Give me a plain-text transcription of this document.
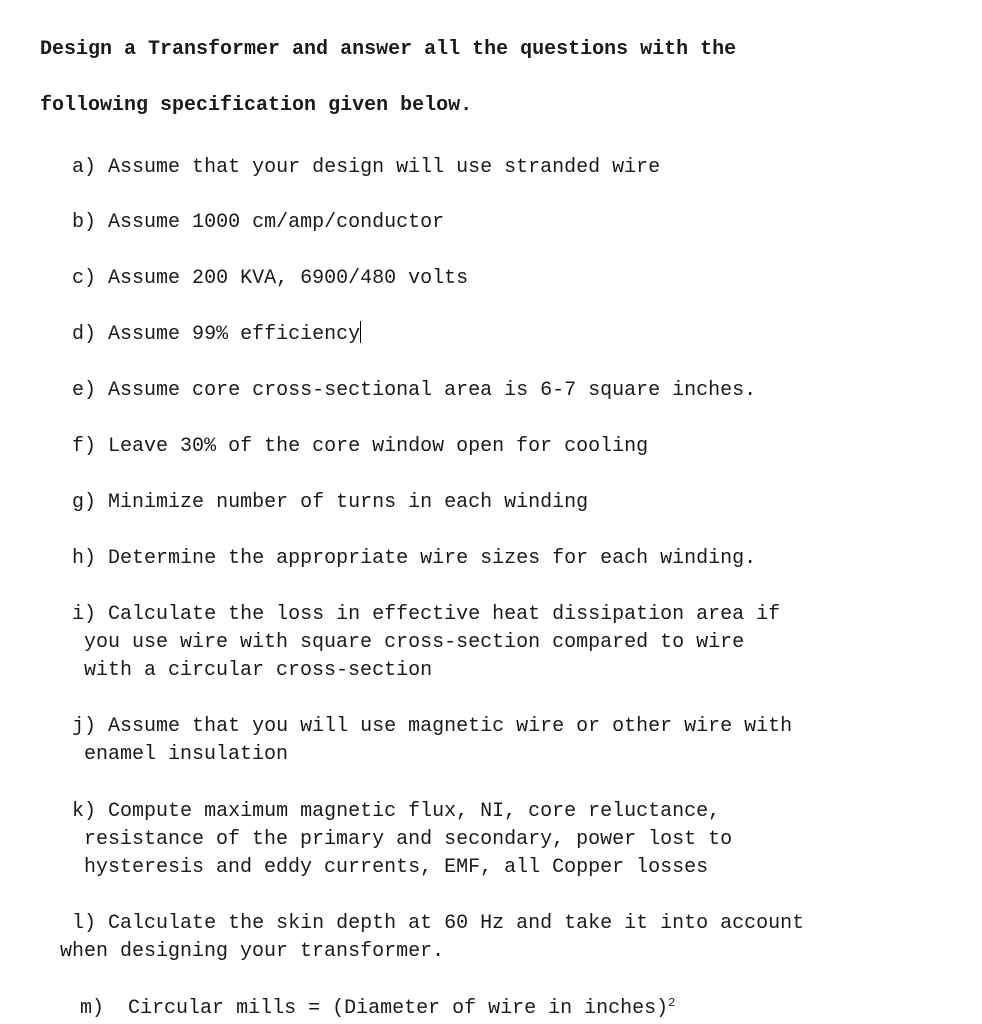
Design a Transformer and answer all the questions with the

following specification given below.

a) Assume that your design will use stranded wire

b) Assume 1000 cm/amp/conductor

c) Assume 200 KVA, 6900/480 volts

d) Assume 99% efficiency

e) Assume core cross-sectional area is 6-7 square inches.

f) Leave 30% of the core window open for cooling

g) Minimize number of turns in each winding

h) Determine the appropriate wire sizes for each winding.

i) Calculate the loss in effective heat dissipation area if
you use wire with square cross-section compared to wire
with a circular cross-section

j) Assume that you will use magnetic wire or other wire with
enamel insulation

k) Compute maximum magnetic flux, NI, core reluctance,
resistance of the primary and secondary, power lost to
hysteresis and eddy currents, EMF, all Copper losses

l) Calculate the skin depth at 60 Hz and take it into account
when designing your transformer.

m) Circular mills = (Diameter of wire in inches)$^2$
